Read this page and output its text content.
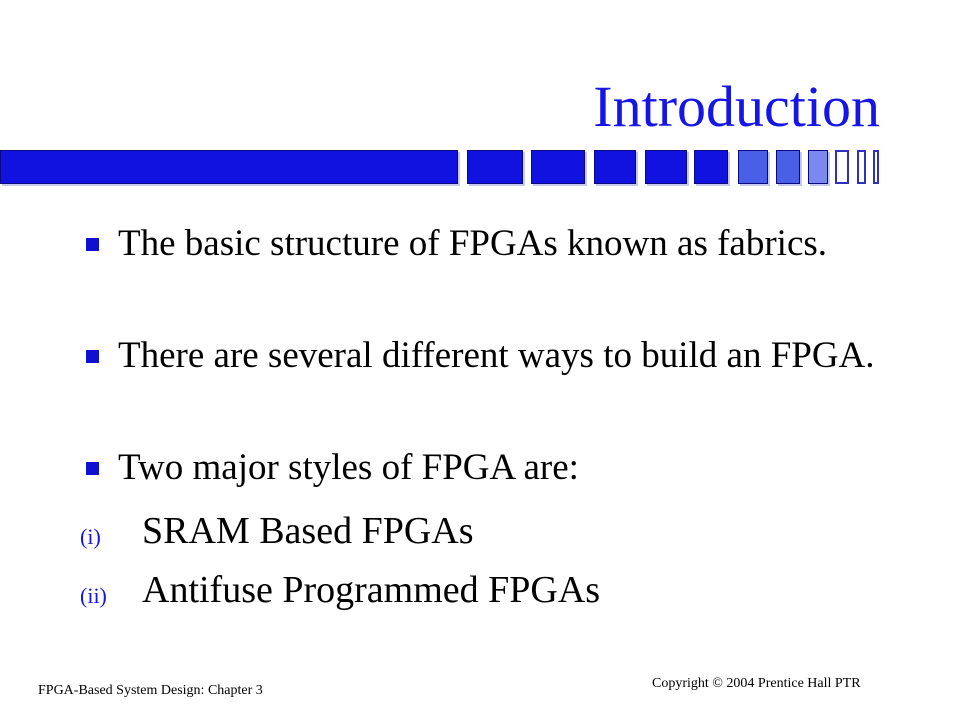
Introduction
The basic structure of FPGAs known as fabrics.
There are several different ways to build an FPGA.
Two major styles of FPGA are:
(i) SRAM Based FPGAs
(ii) Antifuse Programmed FPGAs
FPGA-Based System Design: Chapter 3	Copyright © 2004 Prentice Hall PTR
